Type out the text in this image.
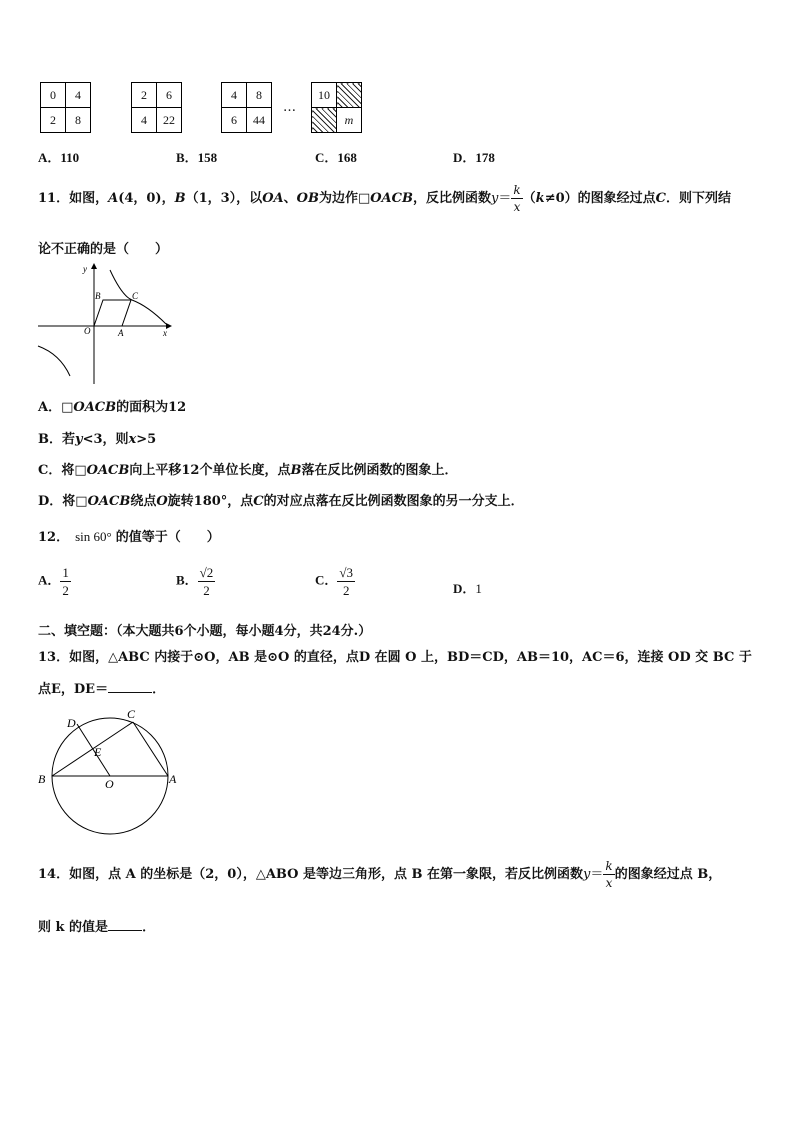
0	4
2	8
2	6
4	22
4	8
6	44
…
10	
	m
A．110	B．158	C．168	D．178
11．如图，A(4，0)，B（1，3），以OA、OB为边作□OACB，反比例函数$y= \frac{k}{x} (k\ne 0)$的图象经过点C．则下列结
论不正确的是（　　）
y
x
O	A
B	C
A．□OACB的面积为12
B．若y<3，则x>5
C．将□OACB向上平移12个单位长度，点B落在反比例函数的图象上．
D．将□OACB绕点O旋转180°，点C的对应点落在反比例函数图象的另一分支上．
12． sin 60° 的值等于（　　）
A． $\frac{1}{2}$	B． $\frac{√2}{2}$	C． $\frac{√3}{2}$	D．1
二、填空题：（本大题共6个小题，每小题4分，共24分.）
13．如图，△ABC 内接于⊙O，AB 是⊙O 的直径，点D 在圆 O 上，BD＝CD，AB＝10，AC＝6，连接 OD 交 BC 于
点E，DE＝	．
D
C
E
B	O	A
14．如图，点 A 的坐标是（2，0），△ABO 是等边三角形，点 B 在第一象限，若反比例函数$y= \frac{k}{x}$ 的图象经过点 B，
则 k 的值是	．
